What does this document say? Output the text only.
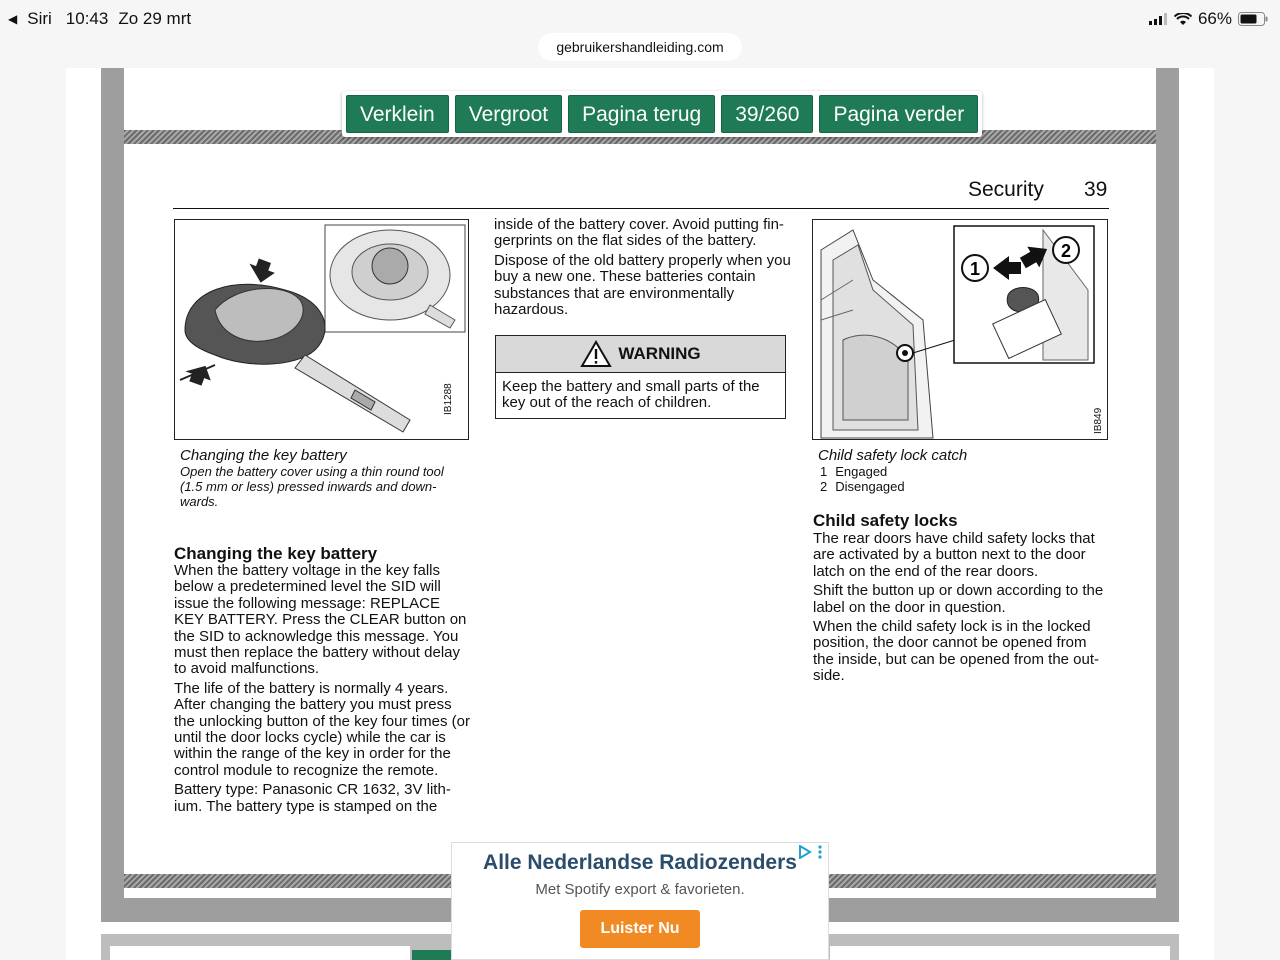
◀ Siri 10:43 Zo 29 mrt	66%
gebruikershandleiding.com
Verklein	Vergroot	Pagina terug	39/260	Pagina verder
Security 39
IB1288
Changing the key battery
Open the battery cover using a thin round tool (1.5 mm or less) pressed inwards and down-wards.
Changing the key battery

When the battery voltage in the key falls below a predetermined level the SID will issue the following message: REPLACE KEY BATTERY. Press the CLEAR button on the SID to acknowledge this message. You must then replace the battery without delay to avoid malfunctions.

The life of the battery is normally 4 years. After changing the battery you must press the unlocking button of the key four times (or until the door locks cycle) while the car is within the range of the key in order for the control module to recognize the remote.

Battery type: Panasonic CR 1632, 3V lith-ium. The battery type is stamped on the

inside of the battery cover. Avoid putting fin-gerprints on the flat sides of the battery.

Dispose of the old battery properly when you buy a new one. These batteries contain substances that are environmentally hazardous.

WARNING
Keep the battery and small parts of the key out of the reach of children.
1
2
IB849
Child safety lock catch
1 Engaged
2 Disengaged
Child safety locks

The rear doors have child safety locks that are activated by a button next to the door latch on the end of the rear doors.

Shift the button up or down according to the label on the door in question.

When the child safety lock is in the locked position, the door cannot be opened from the inside, but can be opened from the out-side.

Alle Nederlandse Radiozenders
Met Spotify export & favorieten.
Luister Nu
